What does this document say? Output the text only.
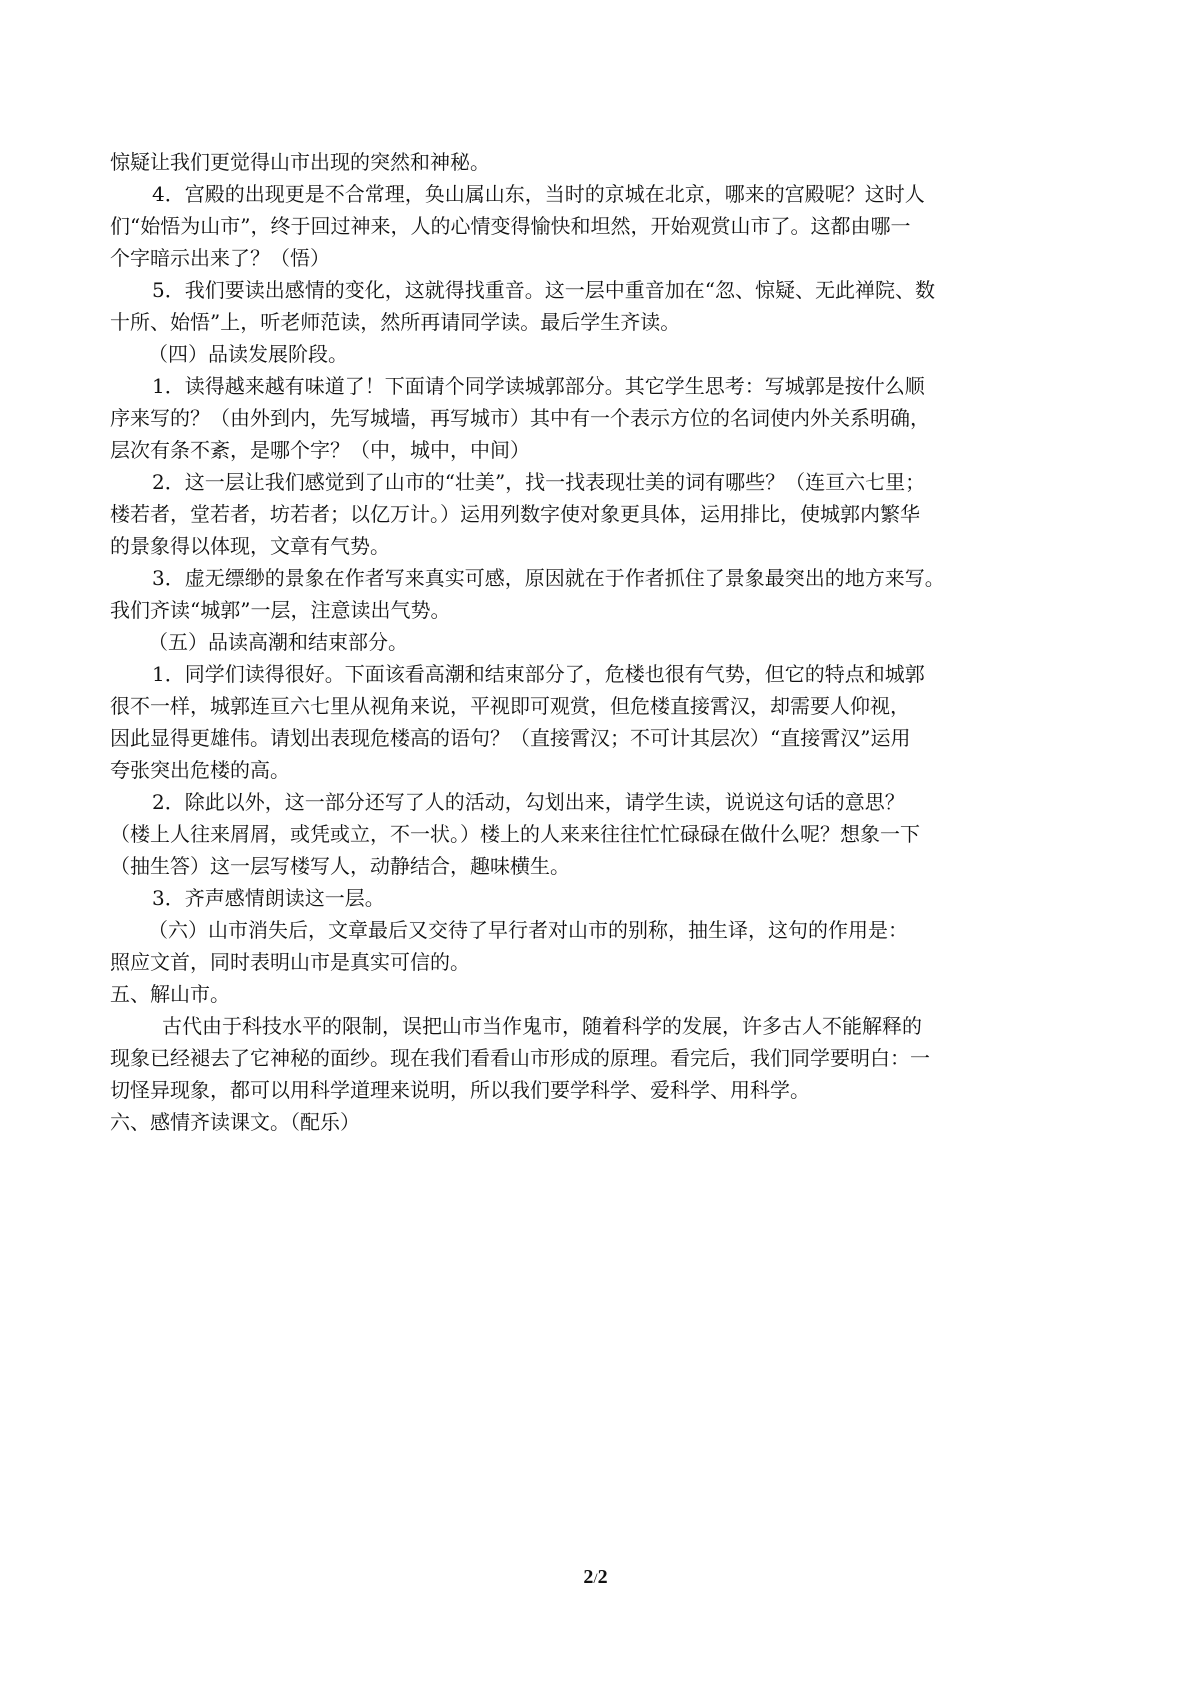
惊疑让我们更觉得山市出现的突然和神秘。
4．宫殿的出现更是不合常理，奂山属山东，当时的京城在北京，哪来的宫殿呢？这时人
们“始悟为山市”，终于回过神来，人的心情变得愉快和坦然，开始观赏山市了。这都由哪一
个字暗示出来了？（悟）
5．我们要读出感情的变化，这就得找重音。这一层中重音加在“忽、惊疑、无此禅院、数
十所、始悟”上，听老师范读，然所再请同学读。最后学生齐读。
（四）品读发展阶段。
1．读得越来越有味道了！下面请个同学读城郭部分。其它学生思考：写城郭是按什么顺
序来写的？（由外到内，先写城墙，再写城市）其中有一个表示方位的名词使内外关系明确，
层次有条不紊，是哪个字？（中，城中，中间）
2．这一层让我们感觉到了山市的“壮美”，找一找表现壮美的词有哪些？（连亘六七里；
楼若者，堂若者，坊若者；以亿万计。）运用列数字使对象更具体，运用排比，使城郭内繁华
的景象得以体现，文章有气势。
3．虚无缥缈的景象在作者写来真实可感，原因就在于作者抓住了景象最突出的地方来写。
我们齐读“城郭”一层，注意读出气势。
（五）品读高潮和结束部分。
1．同学们读得很好。下面该看高潮和结束部分了，危楼也很有气势，但它的特点和城郭
很不一样，城郭连亘六七里从视角来说，平视即可观赏，但危楼直接霄汉，却需要人仰视，
因此显得更雄伟。请划出表现危楼高的语句？（直接霄汉；不可计其层次）“直接霄汉”运用
夸张突出危楼的高。
2．除此以外，这一部分还写了人的活动，勾划出来，请学生读，说说这句话的意思？
（楼上人往来屑屑，或凭或立，不一状。）楼上的人来来往往忙忙碌碌在做什么呢？想象一下
（抽生答）这一层写楼写人，动静结合，趣味横生。
3．齐声感情朗读这一层。
（六）山市消失后，文章最后又交待了早行者对山市的别称，抽生译，这句的作用是：
照应文首，同时表明山市是真实可信的。
五、解山市。
古代由于科技水平的限制，误把山市当作鬼市，随着科学的发展，许多古人不能解释的
现象已经褪去了它神秘的面纱。现在我们看看山市形成的原理。看完后，我们同学要明白：一
切怪异现象，都可以用科学道理来说明，所以我们要学科学、爱科学、用科学。
六、感情齐读课文。（配乐）
2/2
